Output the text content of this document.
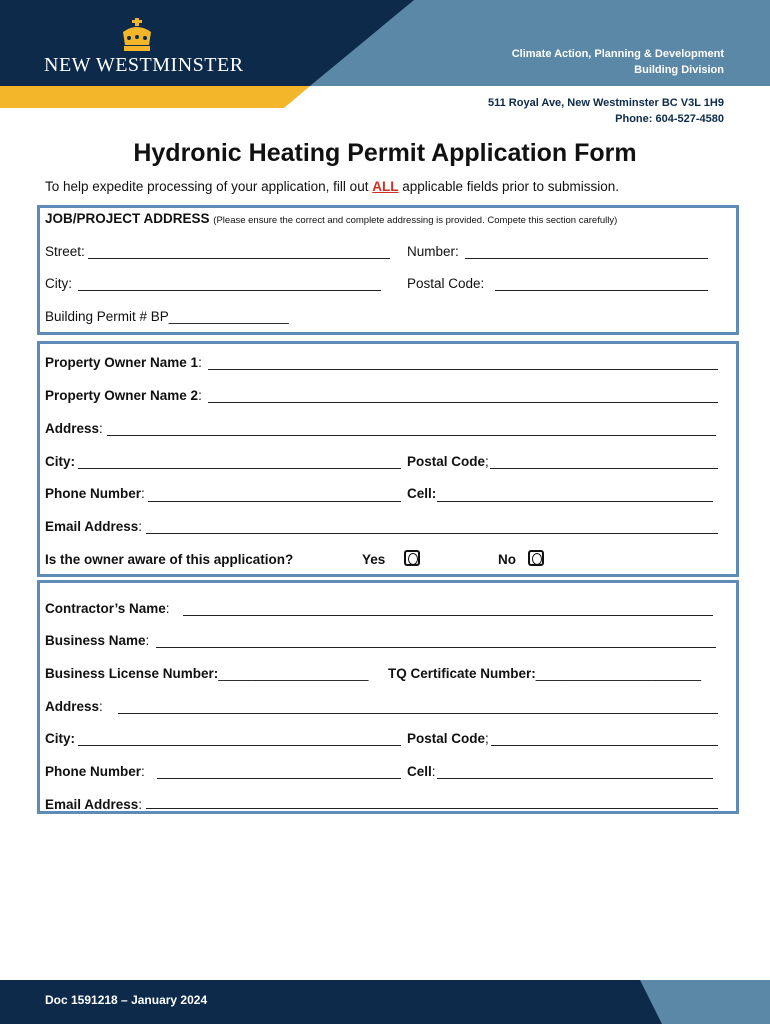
NEW WESTMINSTER	Climate Action, Planning & Development
Building Division
511 Royal Ave, New Westminster BC V3L 1H9
Phone: 604-527-4580
Hydronic Heating Permit Application Form
To help expedite processing of your application, fill out ALL applicable fields prior to submission.
JOB/PROJECT ADDRESS (Please ensure the correct and complete addressing is provided. Compete this section carefully)
Street:	Number:
City:	Postal Code:
Building Permit # BP________________
Property Owner Name 1:
Property Owner Name 2:
Address:
City:	Postal Code;
Phone Number:	Cell:
Email Address:
Is the owner aware of this application?	Yes	No
Contractor’s Name:
Business Name:
Business License Number:____________________ TQ Certificate Number:______________________
Address:
City:	Postal Code;
Phone Number:	Cell:
Email Address:
Doc 1591218 – January 2024
